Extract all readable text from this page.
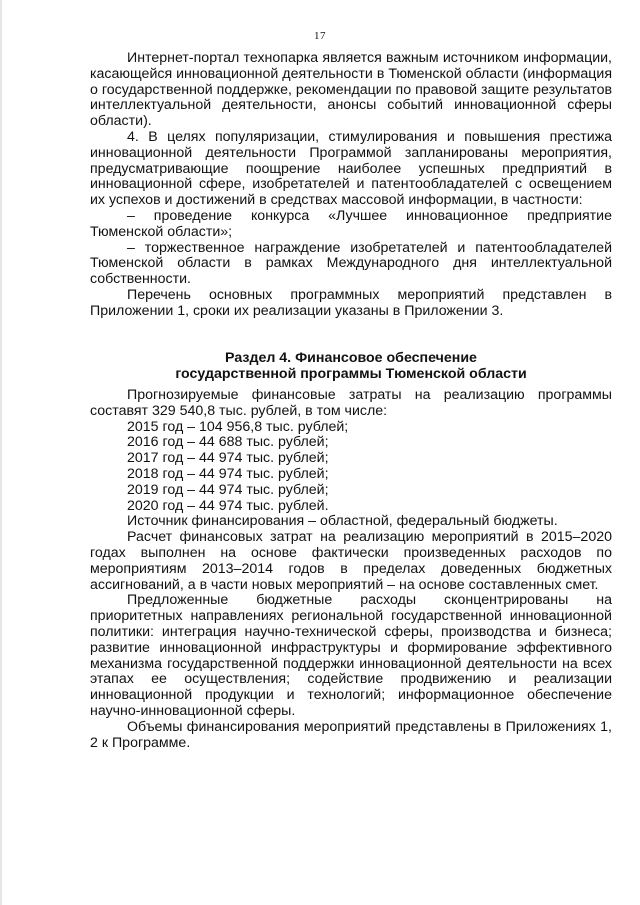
17

Интернет-портал технопарка является важным источником информации, касающейся инновационной деятельности в Тюменской области (информация о государственной поддержке, рекомендации по правовой защите результатов интеллектуальной деятельности, анонсы событий инновационной сферы области).

4. В целях популяризации, стимулирования и повышения престижа инновационной деятельности Программой запланированы мероприятия, предусматривающие поощрение наиболее успешных предприятий в инновационной сфере, изобретателей и патентообладателей с освещением их успехов и достижений в средствах массовой информации, в частности:

– проведение конкурса «Лучшее инновационное предприятие Тюменской области»;

– торжественное награждение изобретателей и патентообладателей Тюменской области в рамках Международного дня интеллектуальной собственности.

Перечень основных программных мероприятий представлен в Приложении 1, сроки их реализации указаны в Приложении 3.

Раздел 4. Финансовое обеспечение
государственной программы Тюменской области

Прогнозируемые финансовые затраты на реализацию программы составят 329 540,8 тыс. рублей, в том числе:

2015 год – 104 956,8 тыс. рублей;

2016 год – 44 688 тыс. рублей;

2017 год – 44 974 тыс. рублей;

2018 год – 44 974 тыс. рублей;

2019 год – 44 974 тыс. рублей;

2020 год – 44 974 тыс. рублей.

Источник финансирования – областной, федеральный бюджеты.

Расчет финансовых затрат на реализацию мероприятий в 2015–2020 годах выполнен на основе фактически произведенных расходов по мероприятиям 2013–2014 годов в пределах доведенных бюджетных ассигнований, а в части новых мероприятий – на основе составленных смет.

Предложенные бюджетные расходы сконцентрированы на приоритетных направлениях региональной государственной инновационной политики: интеграция научно-технической сферы, производства и бизнеса; развитие инновационной инфраструктуры и формирование эффективного механизма государственной поддержки инновационной деятельности на всех этапах ее осуществления; содействие продвижению и реализации инновационной продукции и технологий; информационное обеспечение научно-инновационной сферы.

Объемы финансирования мероприятий представлены в Приложениях 1, 2 к Программе.
